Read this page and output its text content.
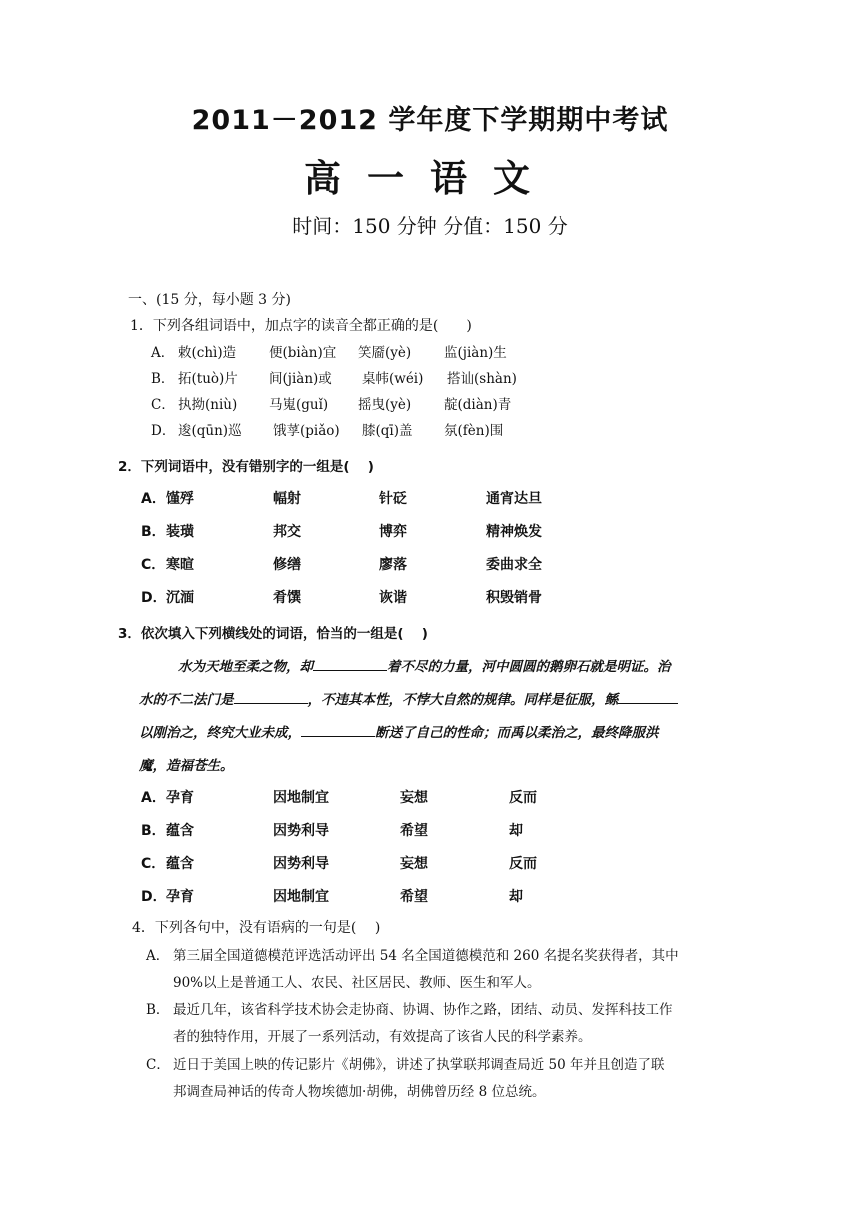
2011－2012 学年度下学期期中考试
高一语文
时间：150 分钟 分值：150 分
一、(15 分，每小题 3 分)
1．下列各组词语中，加点字的读音全都正确的是(　　)
A． 敕(chì)造 便(biàn)宜 笑靥(yè) 监(jiàn)生
B． 拓(tuò)片 间(jiàn)或 桌帏(wéi) 搭讪(shàn)
C． 执拗(niù) 马嵬(guǐ) 摇曳(yè) 靛(diàn)青
D． 逡(qūn)巡 饿莩(piǎo) 膝(qī)盖 氛(fèn)围
2．下列词语中，没有错别字的一组是(　 )
A． 馑殍	幅射	针砭	通宵达旦
B． 装璜	邦交	博弈	精神焕发
C． 寒暄	修缮	廖落	委曲求全
D． 沉湎	肴馔	诙谐	积毁销骨
3．依次填入下列横线处的词语，恰当的一组是(　 )
水为天地至柔之物，却	着不尽的力量，河中圆圆的鹅卵石就是明证。治
水的不二法门是	，不违其本性，不悖大自然的规律。同样是征服，鲧
以刚治之，终究大业未成，	断送了自己的性命；而禹以柔治之，最终降服洪
魔，造福苍生。
A． 孕育	因地制宜	妄想	反而
B． 蕴含	因势利导	希望	却
C． 蕴含	因势利导	妄想	反而
D． 孕育	因地制宜	希望	却
4．下列各句中，没有语病的一句是(　 )
A． 第三届全国道德模范评选活动评出 54 名全国道德模范和 260 名提名奖获得者，其中
90%以上是普通工人、农民、社区居民、教师、医生和军人。
B． 最近几年，该省科学技术协会走协商、协调、协作之路，团结、动员、发挥科技工作
者的独特作用，开展了一系列活动，有效提高了该省人民的科学素养。
C． 近日于美国上映的传记影片《胡佛》，讲述了执掌联邦调查局近 50 年并且创造了联
邦调查局神话的传奇人物埃德加·胡佛，胡佛曾历经 8 位总统。
